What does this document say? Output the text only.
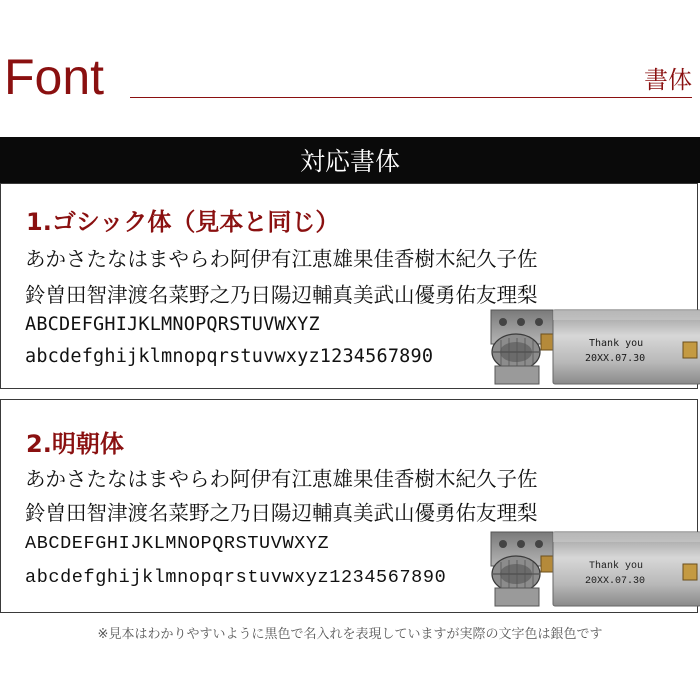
Font	書体
対応書体
1.ゴシック体（見本と同じ）
あかさたなはまやらわ阿伊有江恵雄果佳香樹木紀久子佐
鈴曽田智津渡名菜野之乃日陽辺輔真美武山優勇佑友理梨
ABCDEFGHIJKLMNOPQRSTUVWXYZ
abcdefghijklmnopqrstuvwxyz1234567890
Thank you
20XX.07.30
2.明朝体
あかさたなはまやらわ阿伊有江恵雄果佳香樹木紀久子佐
鈴曽田智津渡名菜野之乃日陽辺輔真美武山優勇佑友理梨
ABCDEFGHIJKLMNOPQRSTUVWXYZ
abcdefghijklmnopqrstuvwxyz1234567890
Thank you
20XX.07.30
※見本はわかりやすいように黒色で名入れを表現していますが実際の文字色は銀色です
